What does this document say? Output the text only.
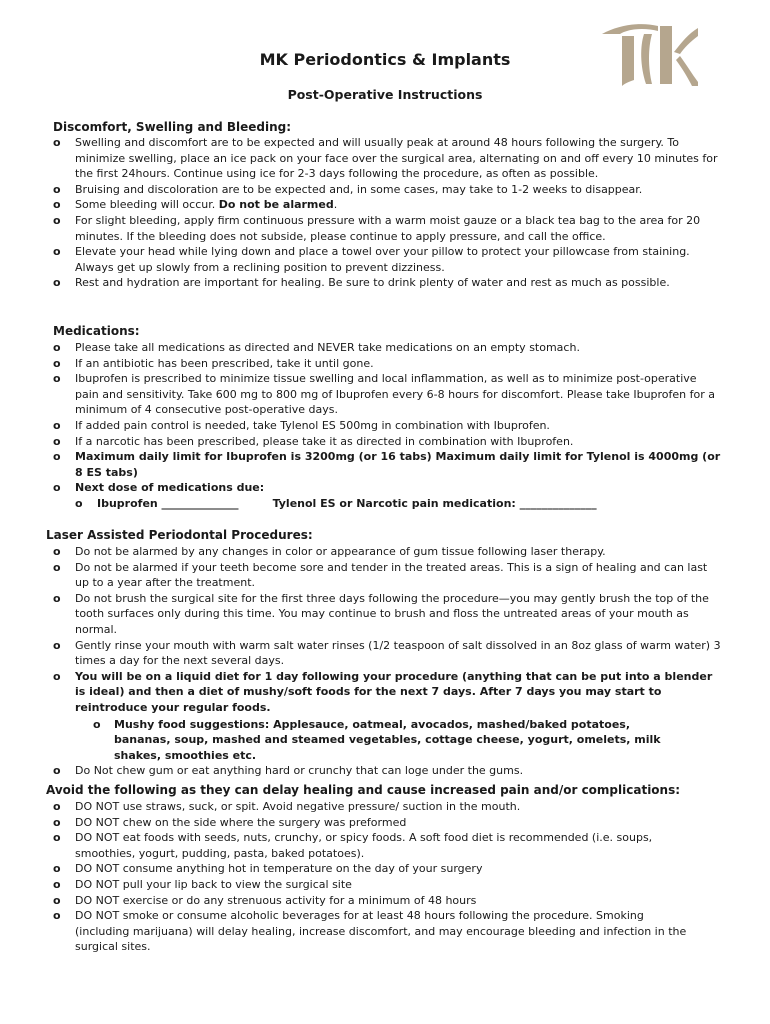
MK Periodontics & Implants
Post-Operative Instructions
Discomfort, Swelling and Bleeding:
o Swelling and discomfort are to be expected and will usually peak at around 48 hours following the surgery. To minimize swelling, place an ice pack on your face over the surgical area, alternating on and off every 10 minutes for the first 24hours. Continue using ice for 2-3 days following the procedure, as often as possible.
o Bruising and discoloration are to be expected and, in some cases, may take to 1-2 weeks to disappear.
o Some bleeding will occur. Do not be alarmed.
o For slight bleeding, apply firm continuous pressure with a warm moist gauze or a black tea bag to the area for 20 minutes. If the bleeding does not subside, please continue to apply pressure, and call the office.
o Elevate your head while lying down and place a towel over your pillow to protect your pillowcase from staining. Always get up slowly from a reclining position to prevent dizziness.
o Rest and hydration are important for healing. Be sure to drink plenty of water and rest as much as possible.
Medications:
o Please take all medications as directed and NEVER take medications on an empty stomach.
o If an antibiotic has been prescribed, take it until gone.
o Ibuprofen is prescribed to minimize tissue swelling and local inflammation, as well as to minimize post-operative pain and sensitivity. Take 600 mg to 800 mg of Ibuprofen every 6-8 hours for discomfort. Please take Ibuprofen for a minimum of 4 consecutive post-operative days.
o If added pain control is needed, take Tylenol ES 500mg in combination with Ibuprofen.
o If a narcotic has been prescribed, please take it as directed in combination with Ibuprofen.
o Maximum daily limit for Ibuprofen is 3200mg (or 16 tabs) Maximum daily limit for Tylenol is 4000mg (or 8 ES tabs)
o Next dose of medications due:
o Ibuprofen ______________	Tylenol ES or Narcotic pain medication: ______________
Laser Assisted Periodontal Procedures:
o Do not be alarmed by any changes in color or appearance of gum tissue following laser therapy.
o Do not be alarmed if your teeth become sore and tender in the treated areas. This is a sign of healing and can last up to a year after the treatment.
o Do not brush the surgical site for the first three days following the procedure—you may gently brush the top of the tooth surfaces only during this time. You may continue to brush and floss the untreated areas of your mouth as normal.
o Gently rinse your mouth with warm salt water rinses (1/2 teaspoon of salt dissolved in an 8oz glass of warm water) 3 times a day for the next several days.
o You will be on a liquid diet for 1 day following your procedure (anything that can be put into a blender is ideal) and then a diet of mushy/soft foods for the next 7 days. After 7 days you may start to reintroduce your regular foods.
o Mushy food suggestions: Applesauce, oatmeal, avocados, mashed/baked potatoes, bananas, soup, mashed and steamed vegetables, cottage cheese, yogurt, omelets, milk shakes, smoothies etc.
o Do Not chew gum or eat anything hard or crunchy that can loge under the gums.
Avoid the following as they can delay healing and cause increased pain and/or complications:
o DO NOT use straws, suck, or spit. Avoid negative pressure/ suction in the mouth.
o DO NOT chew on the side where the surgery was preformed
o DO NOT eat foods with seeds, nuts, crunchy, or spicy foods. A soft food diet is recommended (i.e. soups, smoothies, yogurt, pudding, pasta, baked potatoes).
o DO NOT consume anything hot in temperature on the day of your surgery
o DO NOT pull your lip back to view the surgical site
o DO NOT exercise or do any strenuous activity for a minimum of 48 hours
o DO NOT smoke or consume alcoholic beverages for at least 48 hours following the procedure. Smoking (including marijuana) will delay healing, increase discomfort, and may encourage bleeding and infection in the surgical sites.
